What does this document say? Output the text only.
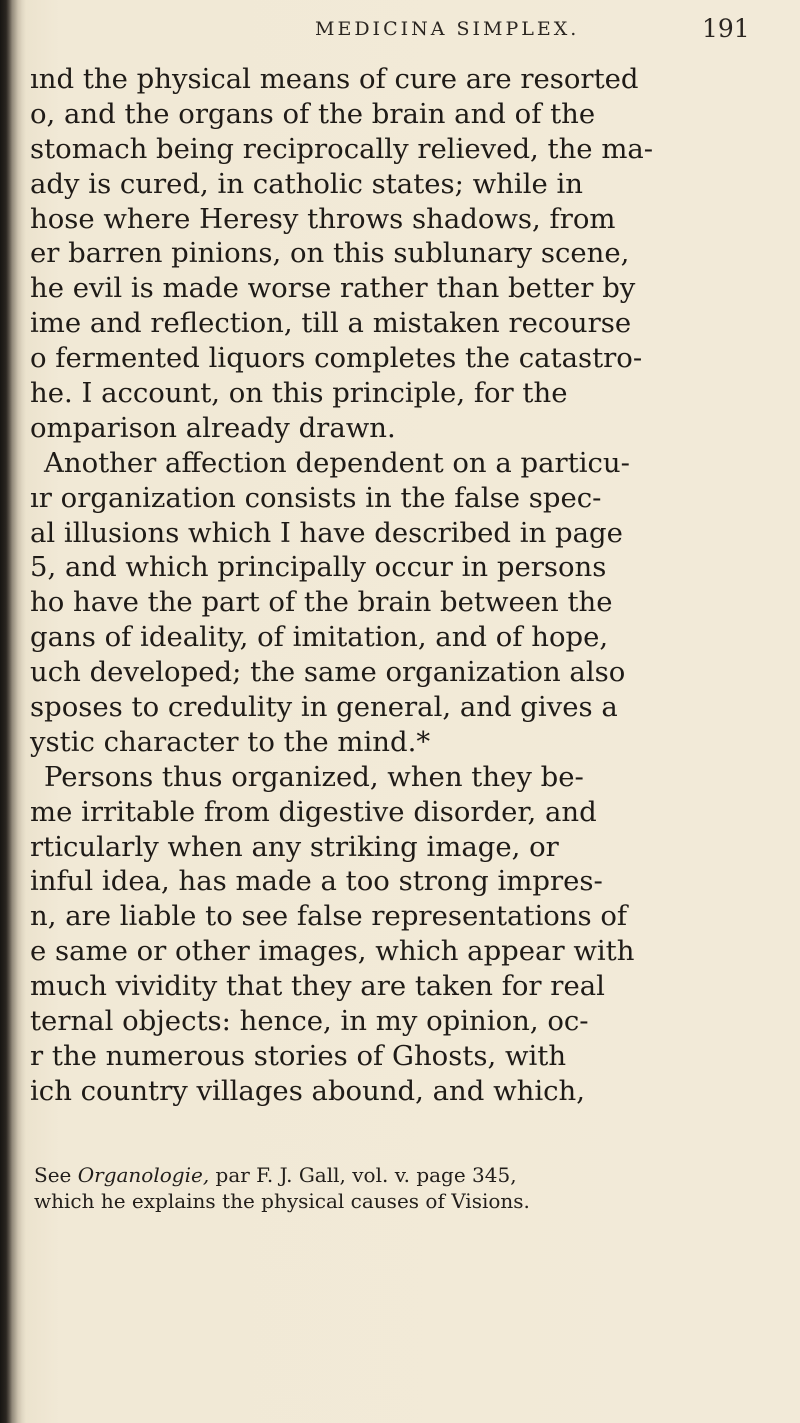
MEDICINA SIMPLEX.	191
ınd the physical means of cure are resorted
o, and the organs of the brain and of the
stomach being reciprocally relieved, the ma-
ady is cured, in catholic states; while in
hose where Heresy throws shadows, from
er barren pinions, on this sublunary scene,
he evil is made worse rather than better by
ime and reflection, till a mistaken recourse
o fermented liquors completes the catastro-
he. I account, on this principle, for the
omparison already drawn.
Another affection dependent on a particu-
ır organization consists in the false spec-
al illusions which I have described in page
5, and which principally occur in persons
ho have the part of the brain between the
gans of ideality, of imitation, and of hope,
uch developed; the same organization also
sposes to credulity in general, and gives a
ystic character to the mind.*
Persons thus organized, when they be-
me irritable from digestive disorder, and
rticularly when any striking image, or
inful idea, has made a too strong impres-
n, are liable to see false representations of
e same or other images, which appear with
much vividity that they are taken for real
ternal objects: hence, in my opinion, oc-
r the numerous stories of Ghosts, with
ich country villages abound, and which,
See Organologie, par F. J. Gall, vol. v. page 345,
which he explains the physical causes of Visions.
